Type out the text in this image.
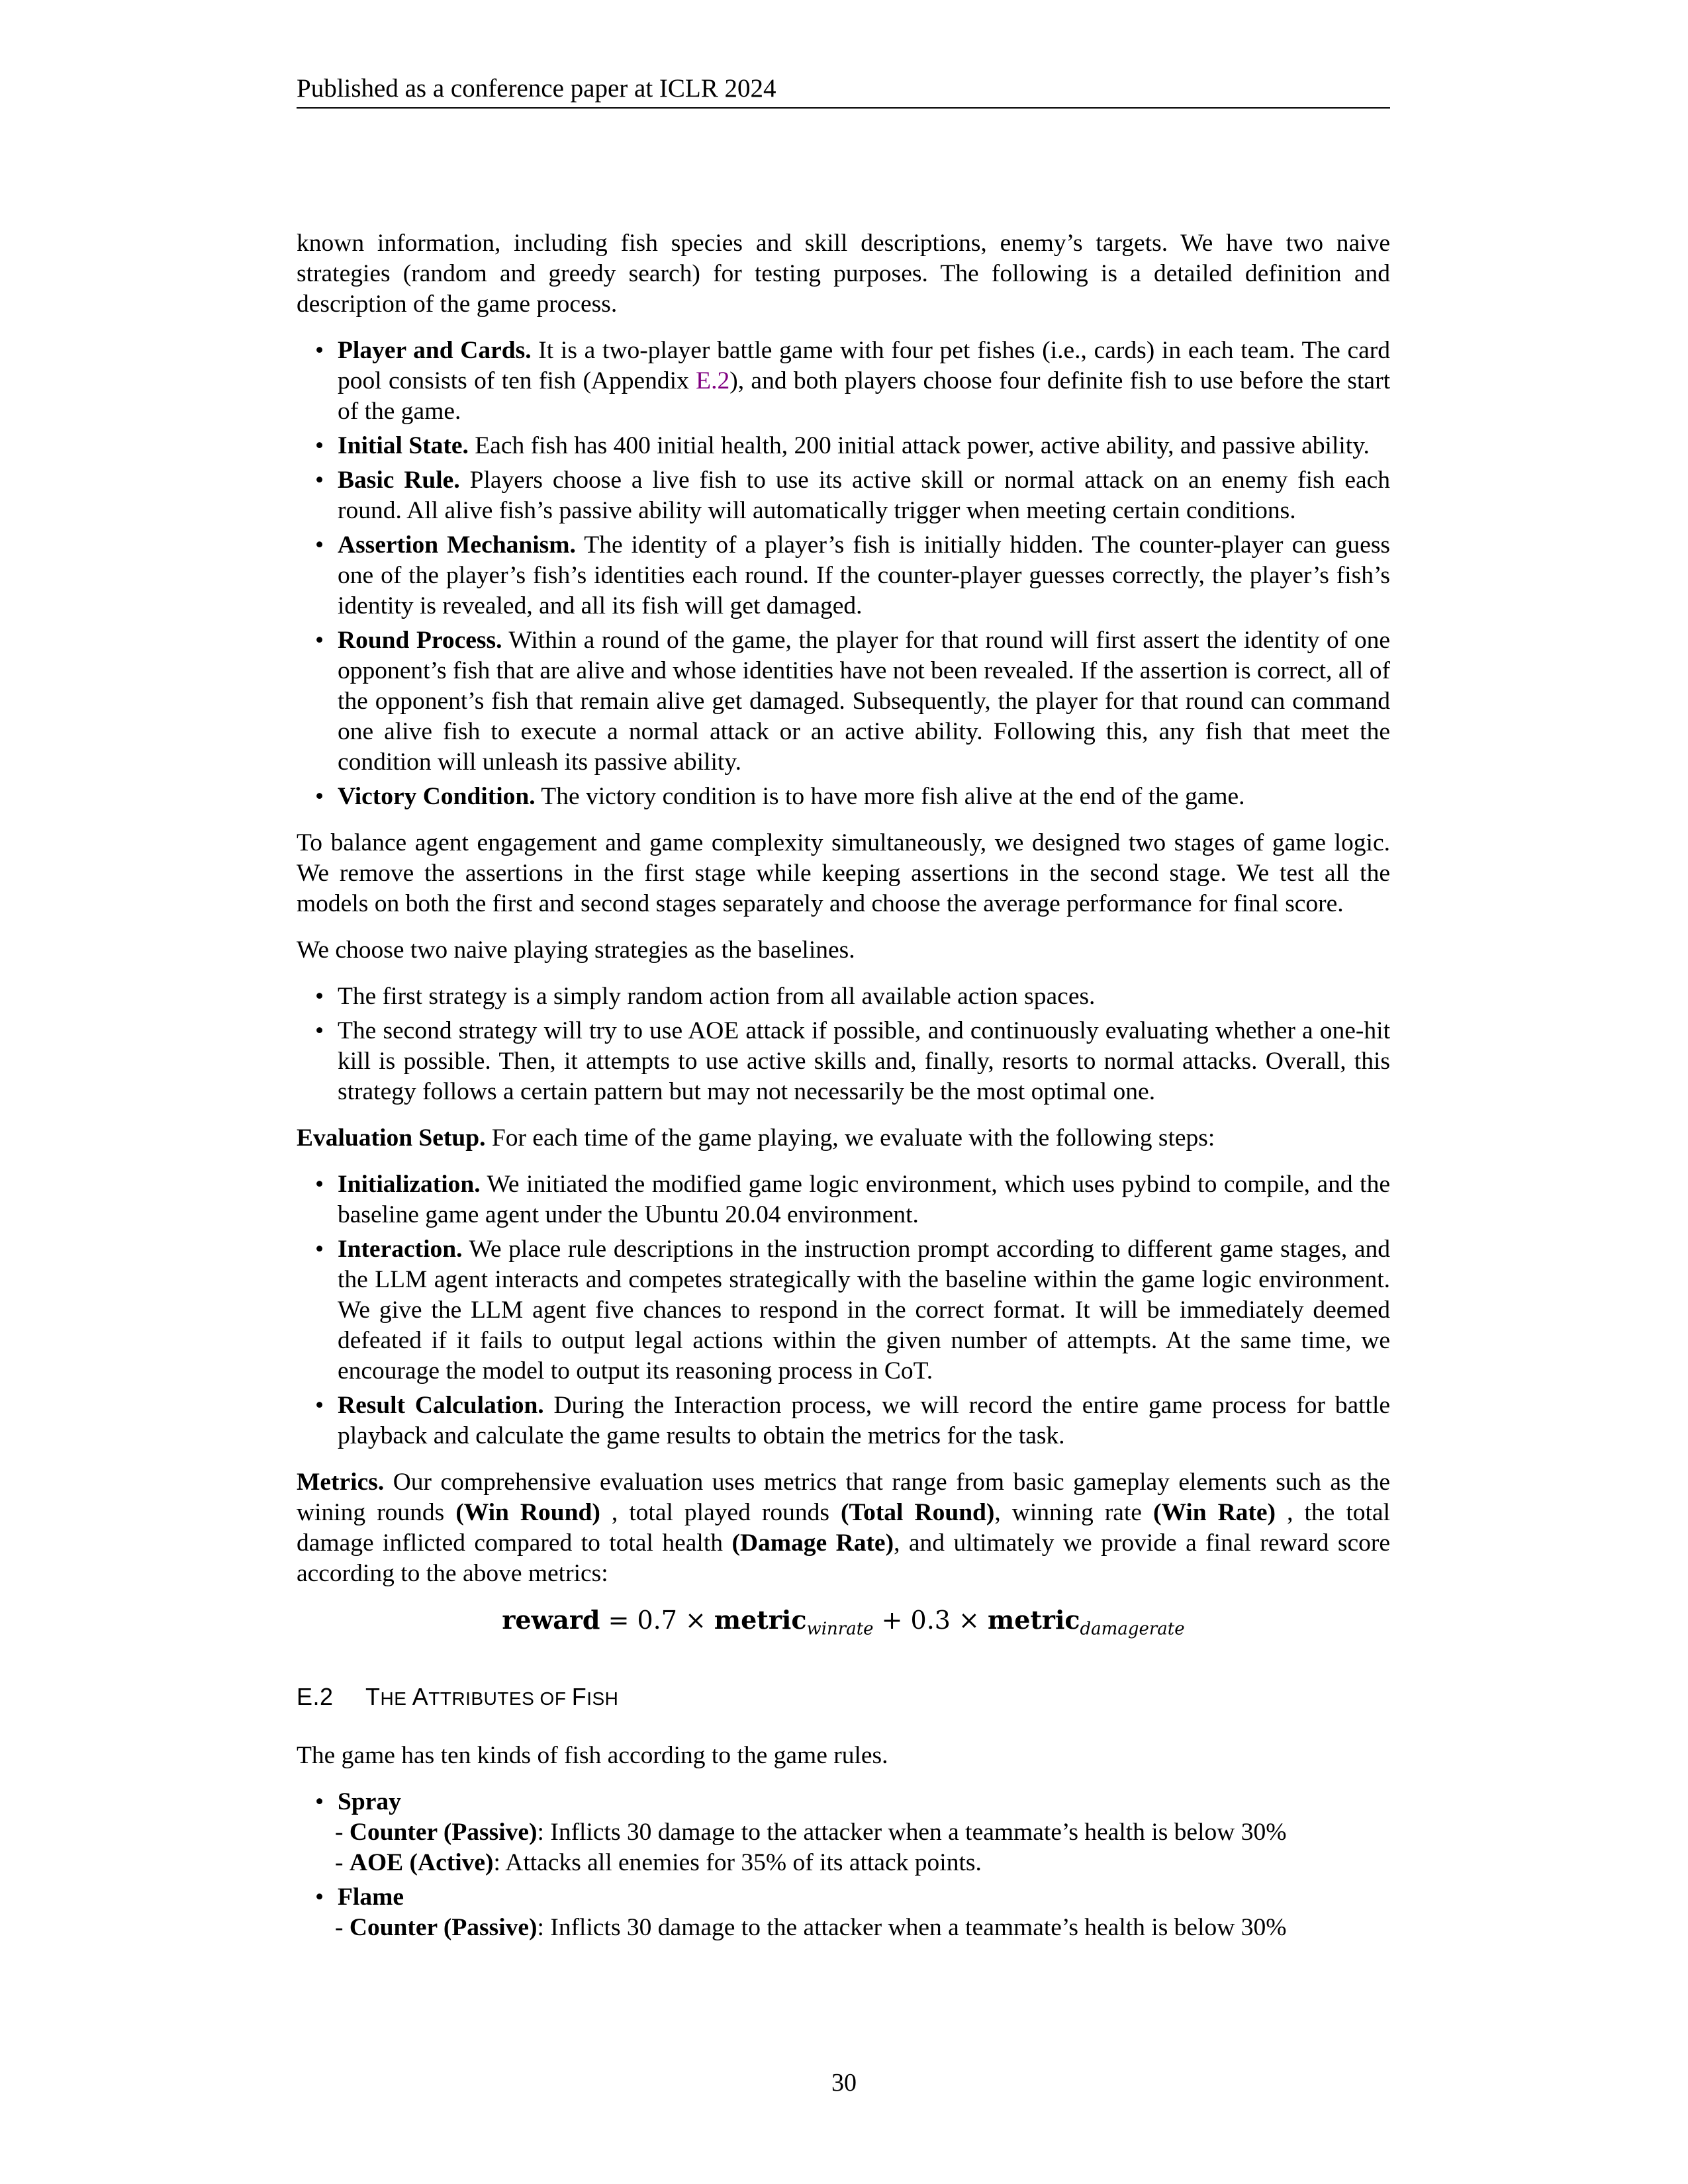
Published as a conference paper at ICLR 2024

known information, including fish species and skill descriptions, enemy’s targets. We have two naive strategies (random and greedy search) for testing purposes. The following is a detailed definition and description of the game process.

• Player and Cards. It is a two-player battle game with four pet fishes (i.e., cards) in each team. The card pool consists of ten fish (Appendix E.2), and both players choose four definite fish to use before the start of the game.
• Initial State. Each fish has 400 initial health, 200 initial attack power, active ability, and passive ability.
• Basic Rule. Players choose a live fish to use its active skill or normal attack on an enemy fish each round. All alive fish’s passive ability will automatically trigger when meeting certain conditions.
• Assertion Mechanism. The identity of a player’s fish is initially hidden. The counter-player can guess one of the player’s fish’s identities each round. If the counter-player guesses correctly, the player’s fish’s identity is revealed, and all its fish will get damaged.
• Round Process. Within a round of the game, the player for that round will first assert the identity of one opponent’s fish that are alive and whose identities have not been revealed. If the assertion is correct, all of the opponent’s fish that remain alive get damaged. Subsequently, the player for that round can command one alive fish to execute a normal attack or an active ability. Following this, any fish that meet the condition will unleash its passive ability.
• Victory Condition. The victory condition is to have more fish alive at the end of the game.

To balance agent engagement and game complexity simultaneously, we designed two stages of game logic. We remove the assertions in the first stage while keeping assertions in the second stage. We test all the models on both the first and second stages separately and choose the average performance for final score.

We choose two naive playing strategies as the baselines.

• The first strategy is a simply random action from all available action spaces.
• The second strategy will try to use AOE attack if possible, and continuously evaluating whether a one-hit kill is possible. Then, it attempts to use active skills and, finally, resorts to normal attacks. Overall, this strategy follows a certain pattern but may not necessarily be the most optimal one.

Evaluation Setup. For each time of the game playing, we evaluate with the following steps:

• Initialization. We initiated the modified game logic environment, which uses pybind to compile, and the baseline game agent under the Ubuntu 20.04 environment.
• Interaction. We place rule descriptions in the instruction prompt according to different game stages, and the LLM agent interacts and competes strategically with the baseline within the game logic environment. We give the LLM agent five chances to respond in the correct format. It will be immediately deemed defeated if it fails to output legal actions within the given number of attempts. At the same time, we encourage the model to output its reasoning process in CoT.
• Result Calculation. During the Interaction process, we will record the entire game process for battle playback and calculate the game results to obtain the metrics for the task.

Metrics. Our comprehensive evaluation uses metrics that range from basic gameplay elements such as the wining rounds (Win Round) , total played rounds (Total Round), winning rate (Win Rate) , the total damage inflicted compared to total health (Damage Rate), and ultimately we provide a final reward score according to the above metrics:

reward = 0.7 × metric$_{winrate}$ + 0.3 × metric$_{damagerate}$
E.2 THE ATTRIBUTES OF FISH

The game has ten kinds of fish according to the game rules.

• Spray
- Counter (Passive): Inflicts 30 damage to the attacker when a teammate’s health is below 30%
- AOE (Active): Attacks all enemies for 35% of its attack points.
• Flame
- Counter (Passive): Inflicts 30 damage to the attacker when a teammate’s health is below 30%
30
